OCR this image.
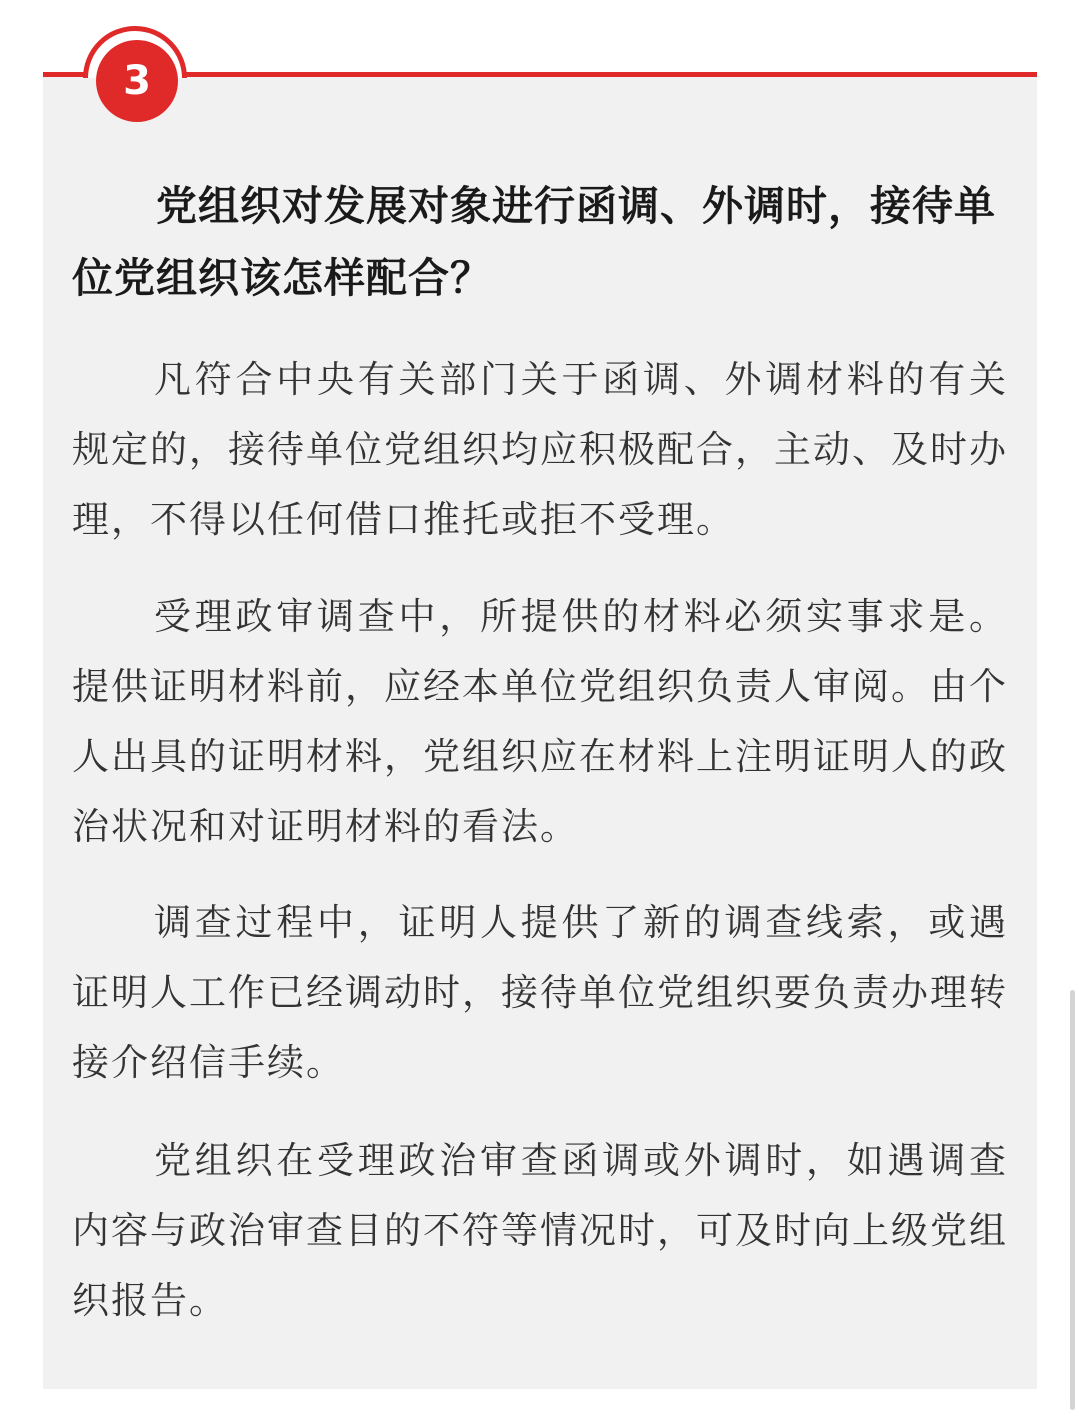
3
党组织对发展对象进行函调、外调时，接待单位党组织该怎样配合？

凡符合中央有关部门关于函调、外调材料的有关规定的，接待单位党组织均应积极配合，主动、及时办理，不得以任何借口推托或拒不受理。

受理政审调查中，所提供的材料必须实事求是。提供证明材料前，应经本单位党组织负责人审阅。由个人出具的证明材料，党组织应在材料上注明证明人的政治状况和对证明材料的看法。

调查过程中，证明人提供了新的调查线索，或遇证明人工作已经调动时，接待单位党组织要负责办理转接介绍信手续。

党组织在受理政治审查函调或外调时，如遇调查内容与政治审查目的不符等情况时，可及时向上级党组织报告。
